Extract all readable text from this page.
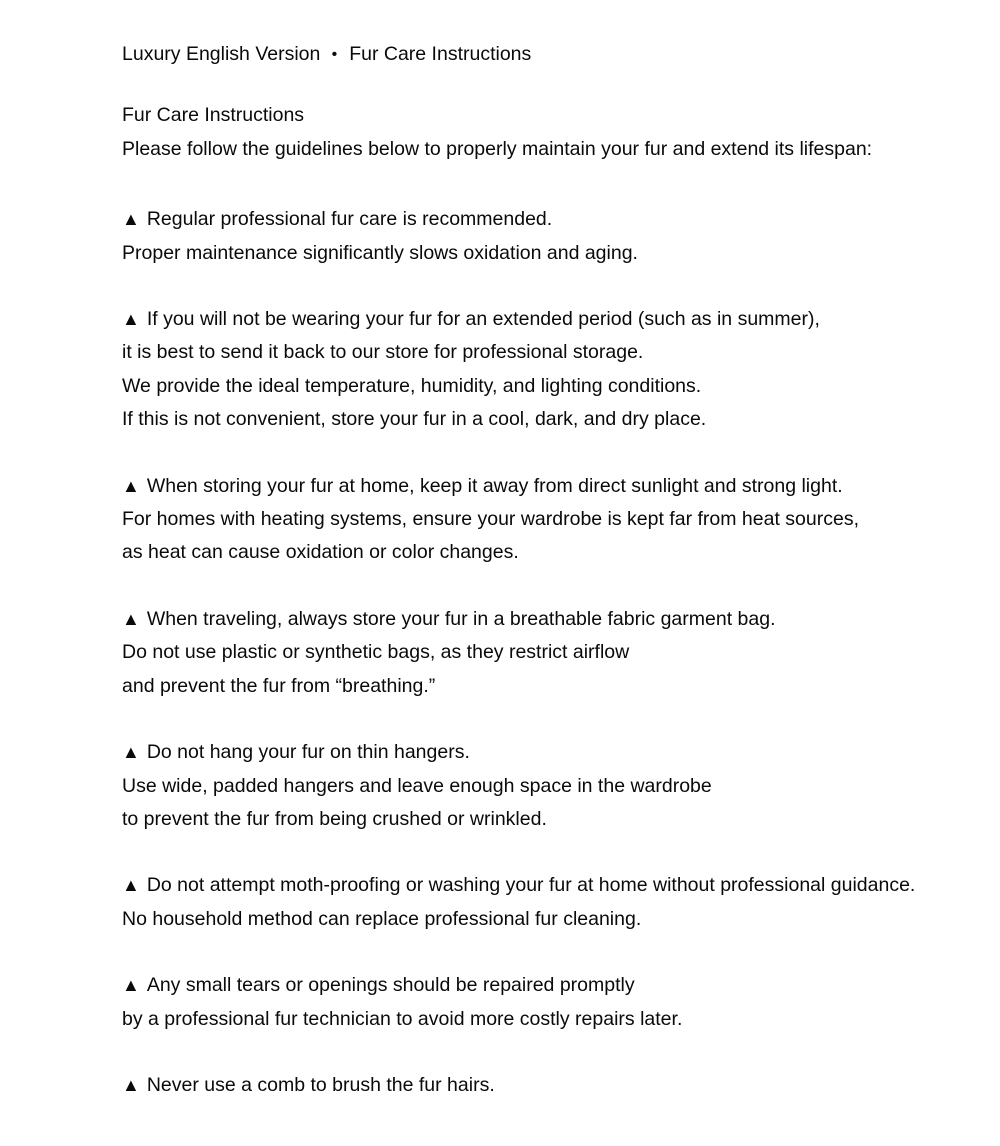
Luxury English Version • Fur Care Instructions

Fur Care Instructions

Please follow the guidelines below to properly maintain your fur and extend its lifespan:

▲ Regular professional fur care is recommended.

Proper maintenance significantly slows oxidation and aging.

▲ If you will not be wearing your fur for an extended period (such as in summer),

it is best to send it back to our store for professional storage.

We provide the ideal temperature, humidity, and lighting conditions.

If this is not convenient, store your fur in a cool, dark, and dry place.

▲ When storing your fur at home, keep it away from direct sunlight and strong light.

For homes with heating systems, ensure your wardrobe is kept far from heat sources,

as heat can cause oxidation or color changes.

▲ When traveling, always store your fur in a breathable fabric garment bag.

Do not use plastic or synthetic bags, as they restrict airflow

and prevent the fur from “breathing.”

▲ Do not hang your fur on thin hangers.

Use wide, padded hangers and leave enough space in the wardrobe

to prevent the fur from being crushed or wrinkled.

▲ Do not attempt moth-proofing or washing your fur at home without professional guidance.

No household method can replace professional fur cleaning.

▲ Any small tears or openings should be repaired promptly

by a professional fur technician to avoid more costly repairs later.

▲ Never use a comb to brush the fur hairs.
